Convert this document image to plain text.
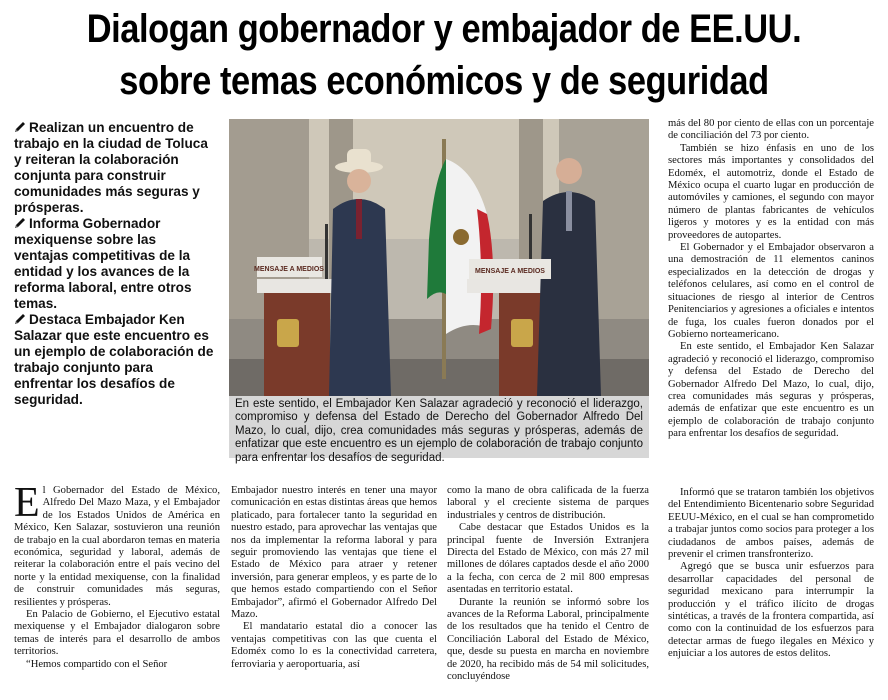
Dialogan gobernador y embajador de EE.UU.
sobre temas económicos y de seguridad

Realizan un encuentro de trabajo en la ciudad de Toluca y reiteran la colaboración conjunta para construir comunidades más seguras y prósperas.

Informa Gobernador mexiquense sobre las ventajas competitivas de la entidad y los avances de la reforma laboral, entre otros temas.

Destaca Embajador Ken Salazar que este encuentro es un ejemplo de colaboración de trabajo conjunto para enfrentar los desafíos de seguridad.

MENSAJE A MEDIOS	MENSAJE A MEDIOS
En este sentido, el Embajador Ken Salazar agradeció y reconoció el liderazgo, compromiso y defensa del Estado de Derecho del Gobernador Alfredo Del Mazo, lo cual, dijo, crea comunidades más seguras y prósperas, además de enfatizar que este encuentro es un ejemplo de colaboración de trabajo conjunto para enfrentar los desafíos de seguridad.

El Gobernador del Estado de México, Alfredo Del Mazo Maza, y el Embajador de los Estados Unidos de América en México, Ken Salazar, sostuvieron una reunión de trabajo en la cual abordaron temas en materia económica, seguridad y laboral, además de reiterar la colaboración entre el país vecino del norte y la entidad mexiquense, con la finalidad de construir comunidades más seguras, resilientes y prósperas.

En Palacio de Gobierno, el Ejecutivo estatal mexiquense y el Embajador dialogaron sobre temas de interés para el desarrollo de ambos territorios.

“Hemos compartido con el Señor

Embajador nuestro interés en tener una mayor comunicación en estas distintas áreas que hemos platicado, para fortalecer tanto la seguridad en nuestro estado, para aprovechar las ventajas que nos da implementar la reforma laboral y para seguir promoviendo las ventajas que tiene el Estado de México para atraer y retener inversión, para generar empleos, y es parte de lo que hemos estado compartiendo con el Señor Embajador”, afirmó el Gobernador Alfredo Del Mazo.

El mandatario estatal dio a conocer las ventajas competitivas con las que cuenta el Edoméx como lo es la conectividad carretera, ferroviaria y aeroportuaria, así

como la mano de obra calificada de la fuerza laboral y el creciente sistema de parques industriales y centros de distribución.

Cabe destacar que Estados Unidos es la principal fuente de Inversión Extranjera Directa del Estado de México, con más 27 mil millones de dólares captados desde el año 2000 a la fecha, con cerca de 2 mil 800 empresas asentadas en territorio estatal.

Durante la reunión se informó sobre los avances de la Reforma Laboral, principalmente de los resultados que ha tenido el Centro de Conciliación Laboral del Estado de México, que, desde su puesta en marcha en noviembre de 2020, ha recibido más de 54 mil solicitudes, concluyéndose

más del 80 por ciento de ellas con un porcentaje de conciliación del 73 por ciento.

También se hizo énfasis en uno de los sectores más importantes y consolidados del Edoméx, el automotriz, donde el Estado de México ocupa el cuarto lugar en producción de automóviles y camiones, el segundo con mayor número de plantas fabricantes de vehículos ligeros y motores y es la entidad con más proveedores de autopartes.

El Gobernador y el Embajador observaron a una demostración de 11 elementos caninos especializados en la detección de drogas y teléfonos celulares, así como en el control de situaciones de riesgo al interior de Centros Penitenciarios y agresiones a oficiales e intentos de fuga, los cuales fueron donados por el Gobierno norteamericano.

En este sentido, el Embajador Ken Salazar agradeció y reconoció el liderazgo, compromiso y defensa del Estado de Derecho del Gobernador Alfredo Del Mazo, lo cual, dijo, crea comunidades más seguras y prósperas, además de enfatizar que este encuentro es un ejemplo de colaboración de trabajo conjunto para enfrentar los desafíos de seguridad.

Informó que se trataron también los objetivos del Entendimiento Bicentenario sobre Seguridad EEUU-México, en el cual se han comprometido a trabajar juntos como socios para proteger a los ciudadanos de ambos países, además de prevenir el crimen transfronterizo.

Agregó que se busca unir esfuerzos para desarrollar capacidades del personal de seguridad mexicano para interrumpir la producción y el tráfico ilícito de drogas sintéticas, a través de la frontera compartida, así como con la continuidad de los esfuerzos para detectar armas de fuego ilegales en México y enjuiciar a los autores de estos delitos.
